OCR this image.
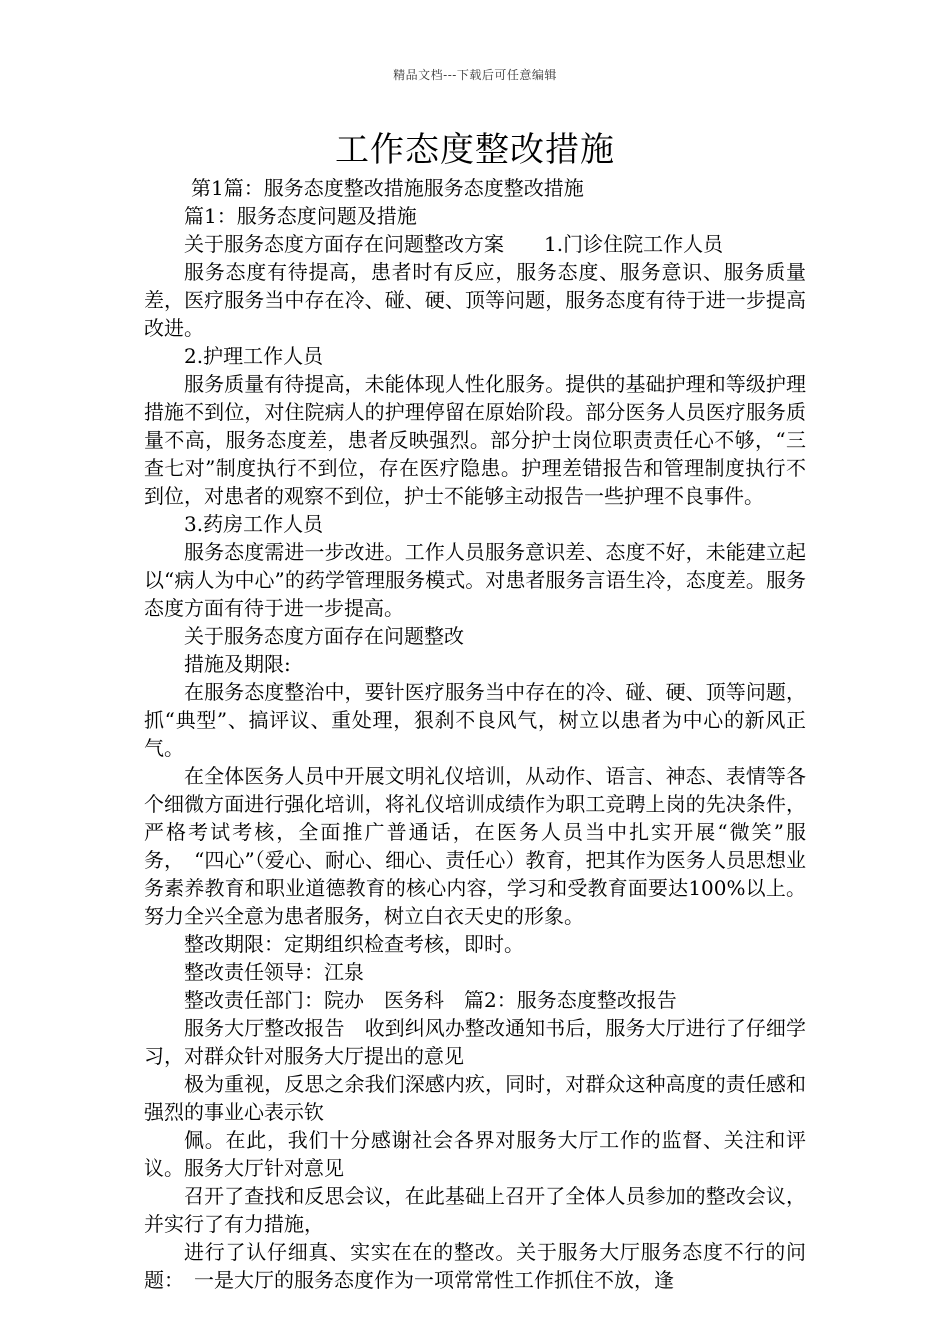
精品文档---下载后可任意编辑
工作态度整改措施

第1篇：服务态度整改措施服务态度整改措施

篇1：服务态度问题及措施

关于服务态度方面存在问题整改方案　　1.门诊住院工作人员

服务态度有待提高，患者时有反应，服务态度、服务意识、服务质量差，医疗服务当中存在冷、碰、硬、顶等问题，服务态度有待于进一步提高改进。

2.护理工作人员

服务质量有待提高，未能体现人性化服务。提供的基础护理和等级护理措施不到位，对住院病人的护理停留在原始阶段。部分医务人员医疗服务质量不高，服务态度差，患者反映强烈。部分护士岗位职责责任心不够，“三查七对”制度执行不到位，存在医疗隐患。护理差错报告和管理制度执行不到位，对患者的观察不到位，护士不能够主动报告一些护理不良事件。

3.药房工作人员

服务态度需进一步改进。工作人员服务意识差、态度不好，未能建立起以“病人为中心”的药学管理服务模式。对患者服务言语生冷，态度差。服务态度方面有待于进一步提高。

关于服务态度方面存在问题整改

措施及期限:

在服务态度整治中，要针医疗服务当中存在的冷、碰、硬、顶等问题，抓“典型”、搞评议、重处理，狠刹不良风气，树立以患者为中心的新风正气。

在全体医务人员中开展文明礼仪培训，从动作、语言、神态、表情等各个细微方面进行强化培训，将礼仪培训成绩作为职工竞聘上岗的先决条件，严格考试考核，全面推广普通话，在医务人员当中扎实开展“微笑”服务，　“四心”（爱心、耐心、细心、责任心）教育，把其作为医务人员思想业务素养教育和职业道德教育的核心内容，学习和受教育面要达100%以上。努力全兴全意为患者服务，树立白衣天史的形象。

整改期限：定期组织检查考核，即时。

整改责任领导：江泉

整改责任部门：院办　医务科　篇2：服务态度整改报告

服务大厅整改报告　收到纠风办整改通知书后，服务大厅进行了仔细学习，对群众针对服务大厅提出的意见

极为重视，反思之余我们深感内疚，同时，对群众这种高度的责任感和强烈的事业心表示钦

佩。在此，我们十分感谢社会各界对服务大厅工作的监督、关注和评议。服务大厅针对意见

召开了查找和反思会议，在此基础上召开了全体人员参加的整改会议，并实行了有力措施，

进行了认仔细真、实实在在的整改。关于服务大厅服务态度不行的问题：　一是大厅的服务态度作为一项常常性工作抓住不放，逢
